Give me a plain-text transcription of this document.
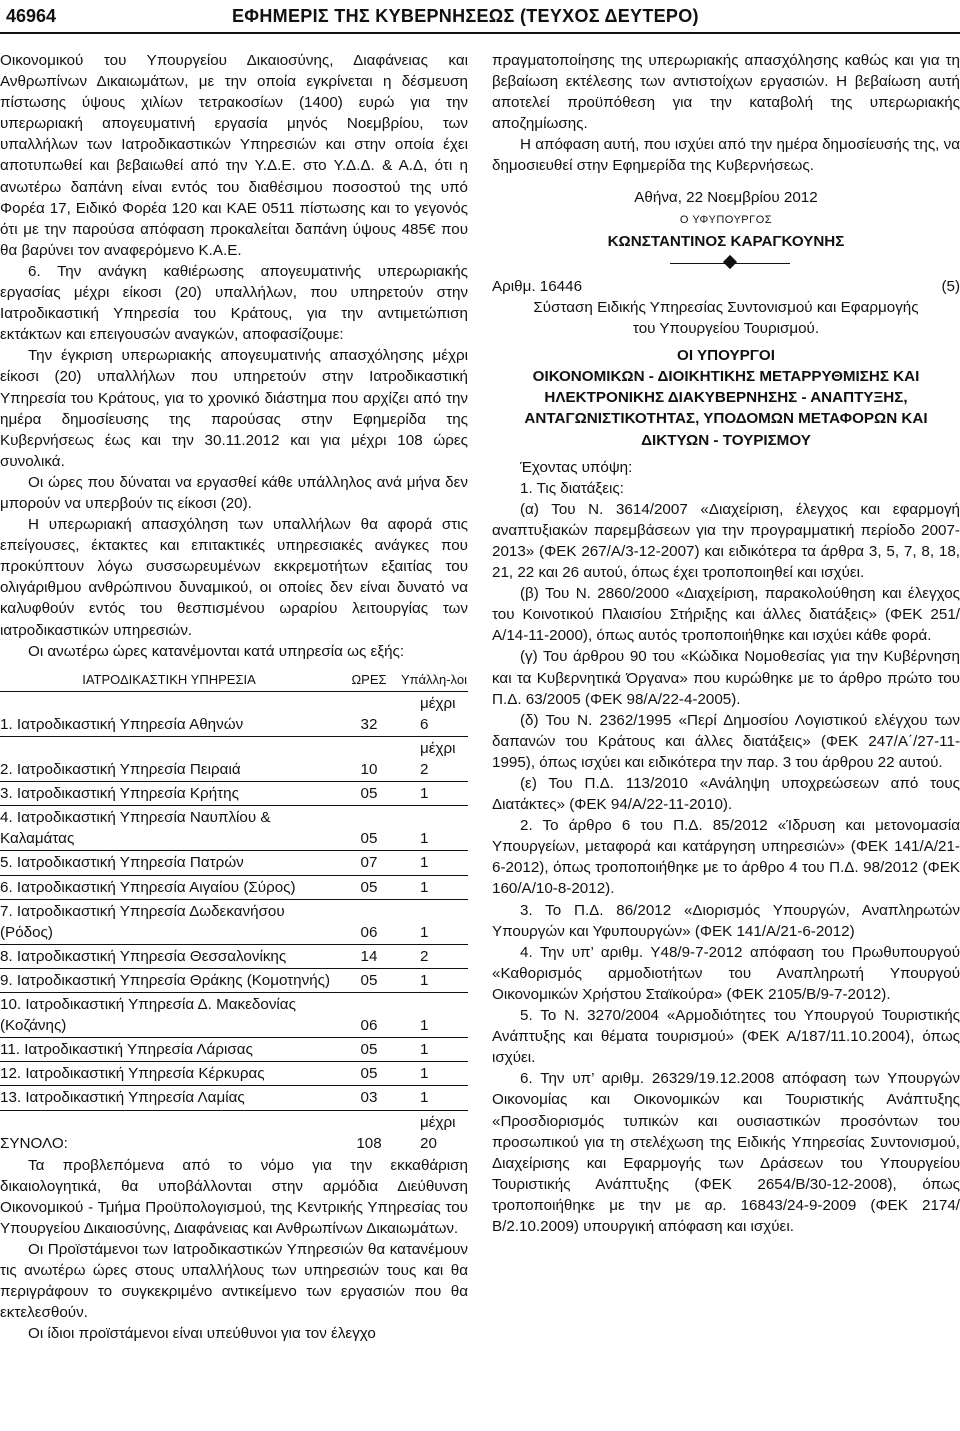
46964	ΕΦΗΜΕΡΙΣ ΤΗΣ ΚΥΒΕΡΝΗΣΕΩΣ (ΤΕΥΧΟΣ ΔΕΥΤΕΡΟ)

Οικονομικού του Υπουργείου Δικαιοσύνης, Διαφάνειας και Ανθρωπίνων Δικαιωμάτων, με την οποία εγκρίνεται η δέσμευση πίστωσης ύψους χιλίων τετρακοσίων (1400) ευρώ για την υπερωριακή απογευματινή εργασία μηνός Νοεμβρίου, των υπαλλήλων των Ιατροδικαστικών Υπηρεσιών και στην οποία έχει αποτυπωθεί και βεβαιωθεί από την Υ.Δ.Ε. στο Υ.Δ.Δ. & Α.Δ, ότι η ανωτέρω δαπάνη είναι εντός του διαθέσιμου ποσοστού της υπό Φορέα 17, Ειδικό Φορέα 120 και ΚΑΕ 0511 πίστωσης και το γεγονός ότι με την παρούσα απόφαση προκαλείται δαπάνη ύψους 485€ που θα βαρύνει τον αναφερόμενο Κ.Α.Ε.

6. Την ανάγκη καθιέρωσης απογευματινής υπερωριακής εργασίας μέχρι είκοσι (20) υπαλλήλων, που υπηρετούν στην Ιατροδικαστική Υπηρεσία του Κράτους, για την αντιμετώπιση εκτάκτων και επειγουσών αναγκών, αποφασίζουμε:

Την έγκριση υπερωριακής απογευματινής απασχόλησης μέχρι είκοσι (20) υπαλλήλων που υπηρετούν στην Ιατροδικαστική Υπηρεσία του Κράτους, για το χρονικό διάστημα που αρχίζει από την ημέρα δημοσίευσης της παρούσας στην Εφημερίδα της Κυβερνήσεως έως και την 30.11.2012 και για μέχρι 108 ώρες συνολικά.

Οι ώρες που δύναται να εργασθεί κάθε υπάλληλος ανά μήνα δεν μπορούν να υπερβούν τις είκοσι (20).

Η υπερωριακή απασχόληση των υπαλλήλων θα αφορά στις επείγουσες, έκτακτες και επιτακτικές υπηρεσιακές ανάγκες που προκύπτουν λόγω συσσωρευμένων εκκρεμοτήτων εξαιτίας του ολιγάριθμου ανθρώπινου δυναμικού, οι οποίες δεν είναι δυνατό να καλυφθούν εντός του θεσπισμένου ωραρίου λειτουργίας των ιατροδικαστικών υπηρεσιών.

Οι ανωτέρω ώρες κατανέμονται κατά υπηρεσία ως εξής:

ΙΑΤΡΟΔΙΚΑΣΤΙΚΗ ΥΠΗΡΕΣΙΑ	ΩΡΕΣ	Υπάλλη-λοι
1. Ιατροδικαστική Υπηρεσία Αθηνών	32	μέχρι 6
2. Ιατροδικαστική Υπηρεσία Πειραιά	10	μέχρι 2
3. Ιατροδικαστική Υπηρεσία Κρήτης	05	1
4. Ιατροδικαστική Υπηρεσία Ναυπλίου & Καλαμάτας	05	1
5. Ιατροδικαστική Υπηρεσία Πατρών	07	1
6. Ιατροδικαστική Υπηρεσία Αιγαίου (Σύρος)	05	1
7. Ιατροδικαστική Υπηρεσία Δωδεκανήσου (Ρόδος)	06	1
8. Ιατροδικαστική Υπηρεσία Θεσσαλονίκης	14	2
9. Ιατροδικαστική Υπηρεσία Θράκης (Κομοτηνής)	05	1
10. Ιατροδικαστική Υπηρεσία Δ. Μακεδονίας (Κοζάνης)	06	1
11. Ιατροδικαστική Υπηρεσία Λάρισας	05	1
12. Ιατροδικαστική Υπηρεσία Κέρκυρας	05	1
13. Ιατροδικαστική Υπηρεσία Λαμίας	03	1
ΣΥΝΟΛΟ:	108	μέχρι 20

Τα προβλεπόμενα από το νόμο για την εκκαθάριση δικαιολογητικά, θα υποβάλλονται στην αρμόδια Διεύθυνση Οικονομικού - Τμήμα Προϋπολογισμού, της Κεντρικής Υπηρεσίας του Υπουργείου Δικαιοσύνης, Διαφάνειας και Ανθρωπίνων Δικαιωμάτων.

Οι Προϊστάμενοι των Ιατροδικαστικών Υπηρεσιών θα κατανέμουν τις ανωτέρω ώρες στους υπαλλήλους των υπηρεσιών τους και θα περιγράφουν το συγκεκριμένο αντικείμενο των εργασιών που θα εκτελεσθούν.

Οι ίδιοι προϊστάμενοι είναι υπεύθυνοι για τον έλεγχο

πραγματοποίησης της υπερωριακής απασχόλησης καθώς και για τη βεβαίωση εκτέλεσης των αντιστοίχων εργασιών. Η βεβαίωση αυτή αποτελεί προϋπόθεση για την καταβολή της υπερωριακής αποζημίωσης.

Η απόφαση αυτή, που ισχύει από την ημέρα δημοσίευσής της, να δημοσιευθεί στην Εφημερίδα της Κυβερνήσεως.

Αθήνα, 22 Νοεμβρίου 2012

Ο ΥΦΥΠΟΥΡΓΟΣ

ΚΩΝΣΤΑΝΤΙΝΟΣ ΚΑΡΑΓΚΟΥΝΗΣ

Αριθμ. 16446	(5)

Σύσταση Ειδικής Υπηρεσίας Συντονισμού και Εφαρμογής του Υπουργείου Τουρισμού.

ΟΙ ΥΠΟΥΡΓΟΙ

ΟΙΚΟΝΟΜΙΚΩΝ - ΔΙΟΙΚΗΤΙΚΗΣ ΜΕΤΑΡΡΥΘΜΙΣΗΣ ΚΑΙ ΗΛΕΚΤΡΟΝΙΚΗΣ ΔΙΑΚΥΒΕΡΝΗΣΗΣ - ΑΝΑΠΤΥΞΗΣ, ΑΝΤΑΓΩΝΙΣΤΙΚΟΤΗΤΑΣ, ΥΠΟΔΟΜΩΝ ΜΕΤΑΦΟΡΩΝ ΚΑΙ ΔΙΚΤΥΩΝ - ΤΟΥΡΙΣΜΟΥ

Έχοντας υπόψη:

1. Τις διατάξεις:

(α) Του Ν. 3614/2007 «Διαχείριση, έλεγχος και εφαρμογή αναπτυξιακών παρεμβάσεων για την προγραμματική περίοδο 2007-2013» (ΦΕΚ 267/Α/3-12-2007) και ειδικότερα τα άρθρα 3, 5, 7, 8, 18, 21, 22 και 26 αυτού, όπως έχει τροποποιηθεί και ισχύει.

(β) Του Ν. 2860/2000 «Διαχείριση, παρακολούθηση και έλεγχος του Κοινοτικού Πλαισίου Στήριξης και άλλες διατάξεις» (ΦΕΚ 251/Α/14-11-2000), όπως αυτός τροποποιήθηκε και ισχύει κάθε φορά.

(γ) Του άρθρου 90 του «Κώδικα Νομοθεσίας για την Κυβέρνηση και τα Κυβερνητικά Όργανα» που κυρώθηκε με το άρθρο πρώτο του Π.Δ. 63/2005 (ΦΕΚ 98/Α/22-4-2005).

(δ) Του Ν. 2362/1995 «Περί Δημοσίου Λογιστικού ελέγχου των δαπανών του Κράτους και άλλες διατάξεις» (ΦΕΚ 247/Α΄/27-11-1995), όπως ισχύει και ειδικότερα την παρ. 3 του άρθρου 22 αυτού.

(ε) Του Π.Δ. 113/2010 «Ανάληψη υποχρεώσεων από τους Διατάκτες» (ΦΕΚ 94/Α/22-11-2010).

2. Το άρθρο 6 του Π.Δ. 85/2012 «Ίδρυση και μετονομασία Υπουργείων, μεταφορά και κατάργηση υπηρεσιών» (ΦΕΚ 141/Α/21-6-2012), όπως τροποποιήθηκε με το άρθρο 4 του Π.Δ. 98/2012 (ΦΕΚ 160/Α/10-8-2012).

3. Το Π.Δ. 86/2012 «Διορισμός Υπουργών, Αναπληρωτών Υπουργών και Υφυπουργών» (ΦΕΚ 141/Α/21-6-2012)

4. Την υπ’ αριθμ. Υ48/9-7-2012 απόφαση του Πρωθυπουργού «Καθορισμός αρμοδιοτήτων του Αναπληρωτή Υπουργού Οικονομικών Χρήστου Σταϊκούρα» (ΦΕΚ 2105/Β/9-7-2012).

5. Το Ν. 3270/2004 «Αρμοδιότητες του Υπουργού Τουριστικής Ανάπτυξης και θέματα τουρισμού» (ΦΕΚ Α/187/11.10.2004), όπως ισχύει.

6. Την υπ’ αριθμ. 26329/19.12.2008 απόφαση των Υπουργών Οικονομίας και Οικονομικών και Τουριστικής Ανάπτυξης «Προσδιορισμός τυπικών και ουσιαστικών προσόντων του προσωπικού για τη στελέχωση της Ειδικής Υπηρεσίας Συντονισμού, Διαχείρισης και Εφαρμογής των Δράσεων του Υπουργείου Τουριστικής Ανάπτυξης (ΦΕΚ 2654/Β/30-12-2008), όπως τροποποιήθηκε με την με αρ. 16843/24-9-2009 (ΦΕΚ 2174/Β/2.10.2009) υπουργική απόφαση και ισχύει.
